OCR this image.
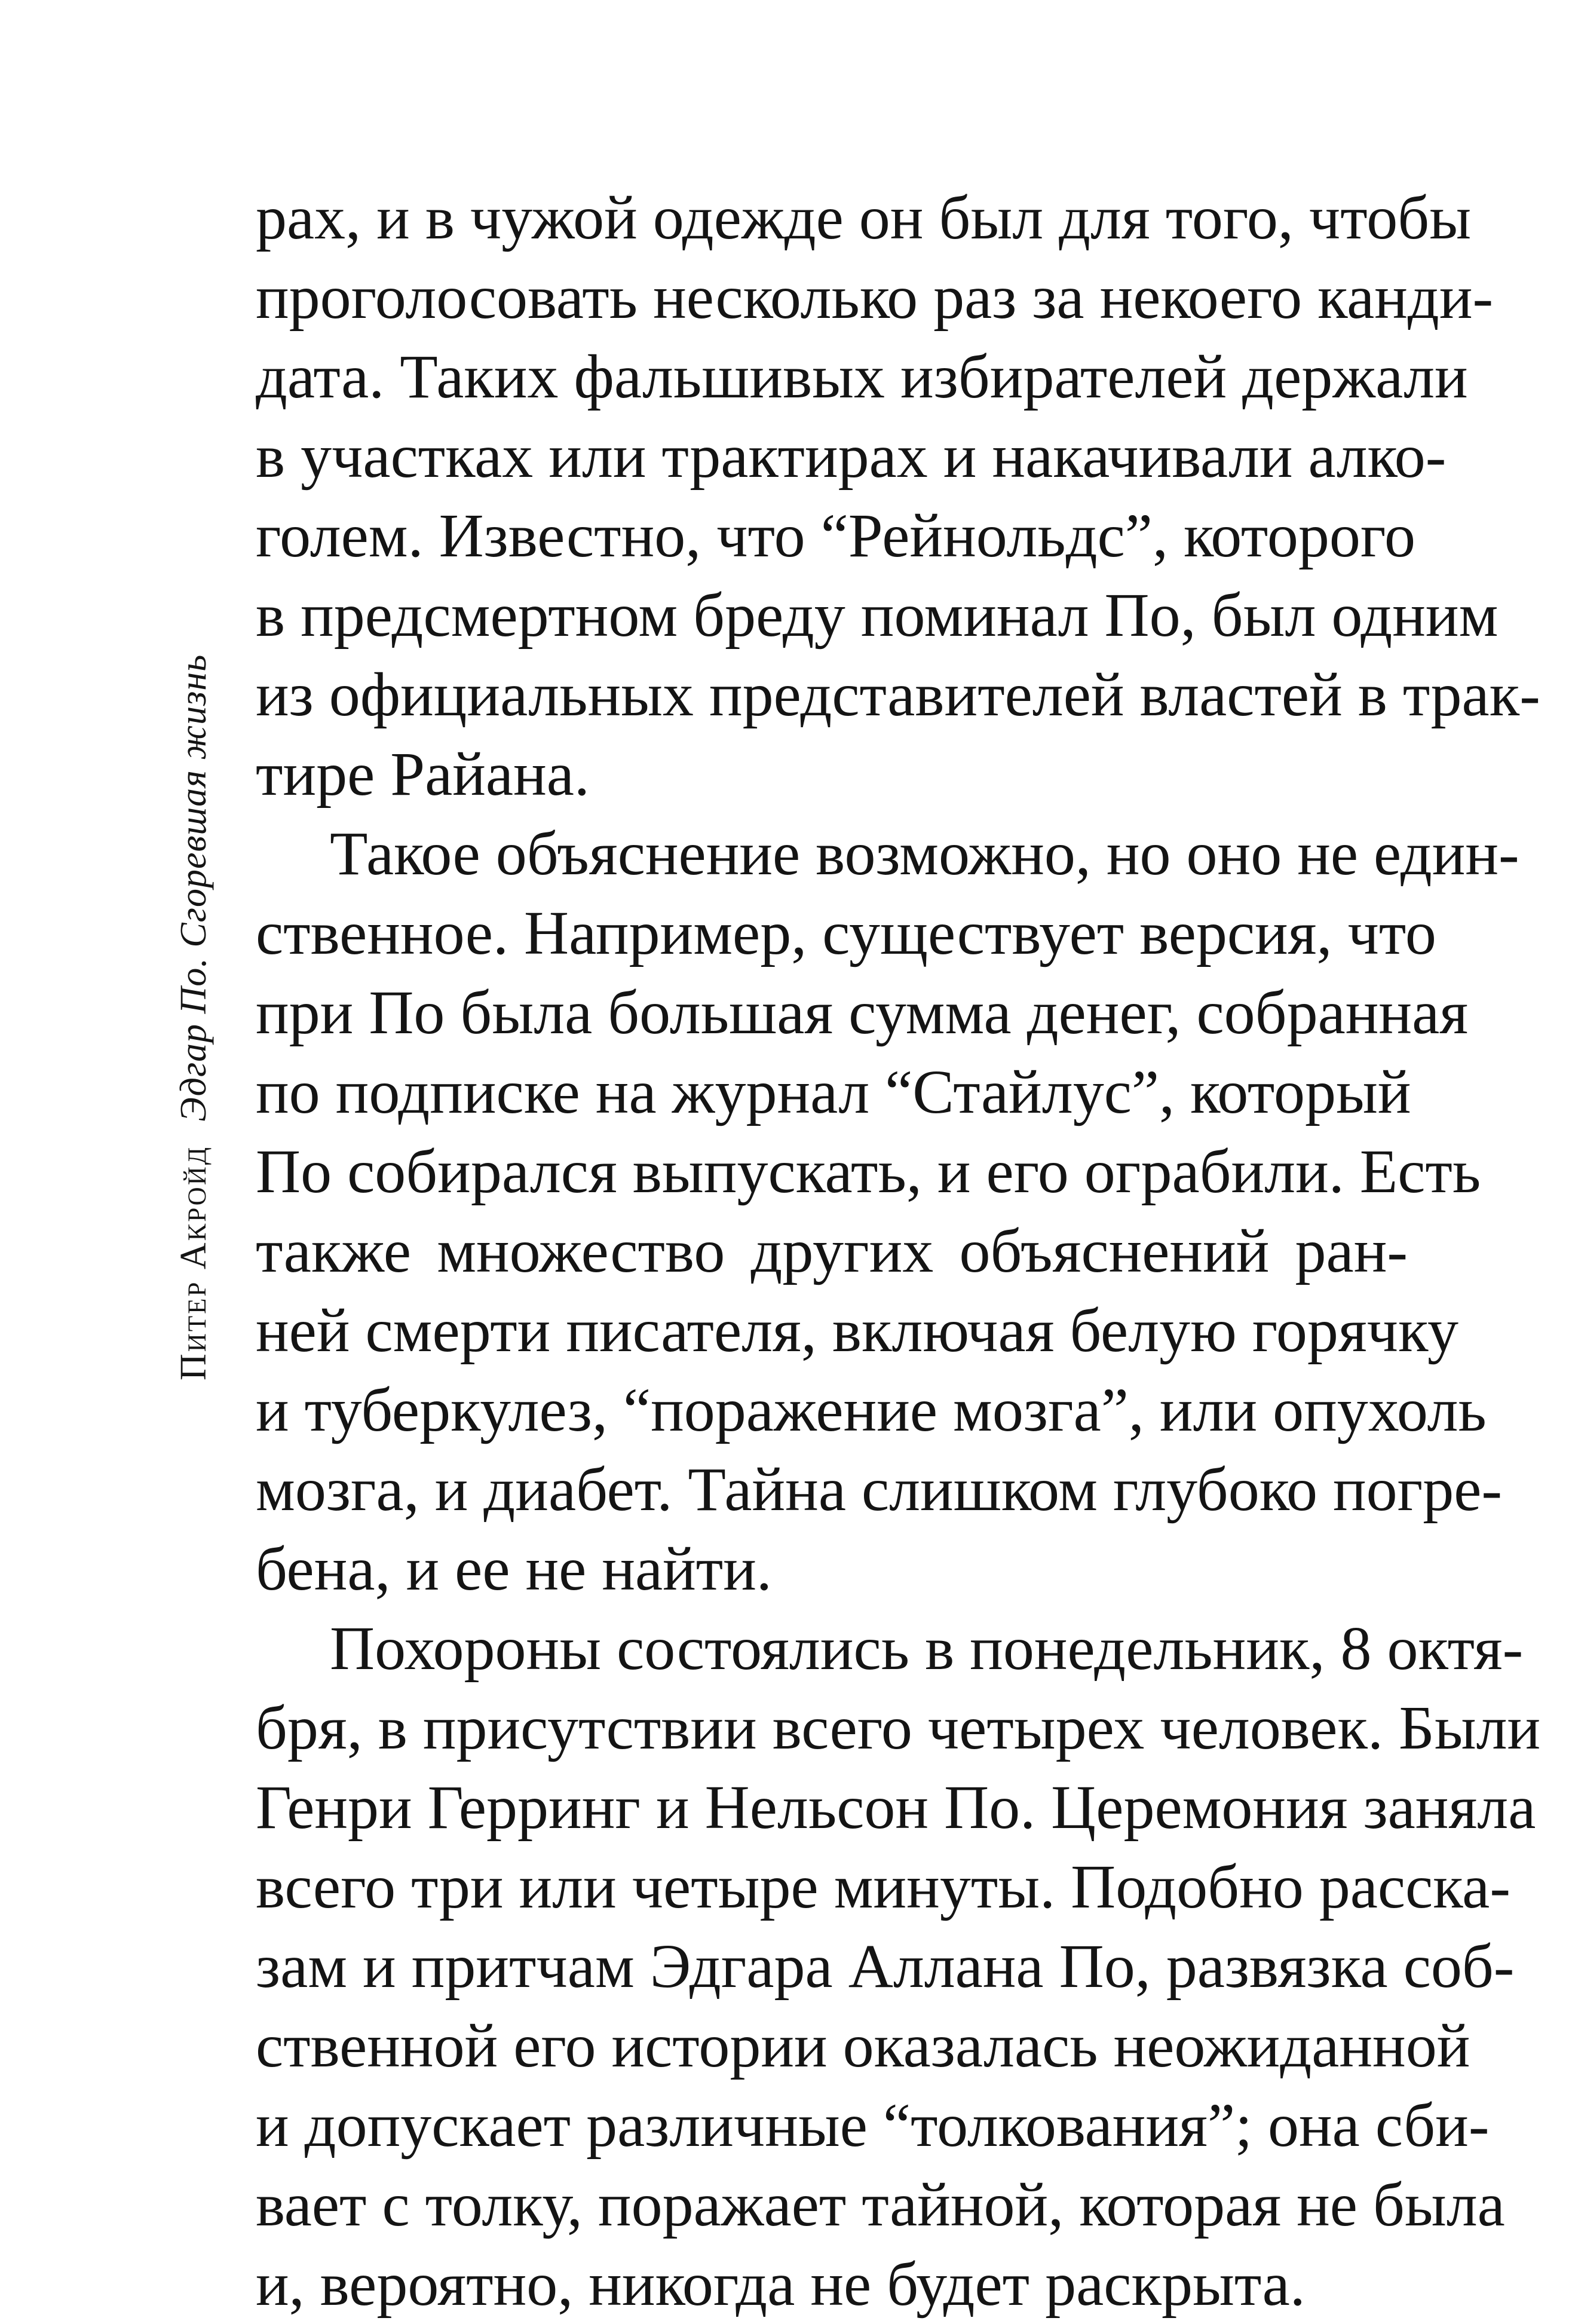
Питер АкройдЭдгар По. Сгоревшая жизнь
рах, и в чужой одежде он был для того, чтобы
проголосовать несколько раз за некоего канди-
дата. Таких фальшивых избирателей держали
в участках или трактирах и накачивали алко-
голем. Известно, что “Рейнольдс”, которого
в предсмертном бреду поминал По, был одним
из официальных представителей властей в трак-
тире Райана.
Такое объяснение возможно, но оно не един-
ственное. Например, существует версия, что
при По была большая сумма денег, собранная
по подписке на журнал “Стайлус”, который
По собирался выпускать, и его ограбили. Есть
также множество других объяснений ран-
ней смерти писателя, включая белую горячку
и туберкулез, “поражение мозга”, или опухоль
мозга, и диабет. Тайна слишком глубоко погре-
бена, и ее не найти.
Похороны состоялись в понедельник, 8 октя-
бря, в присутствии всего четырех человек. Были
Генри Герринг и Нельсон По. Церемония заняла
всего три или четыре минуты. Подобно расска-
зам и притчам Эдгара Аллана По, развязка соб-
ственной его истории оказалась неожиданной
и допускает различные “толкования”; она сби-
вает с толку, поражает тайной, которая не была
и, вероятно, никогда не будет раскрыта.
